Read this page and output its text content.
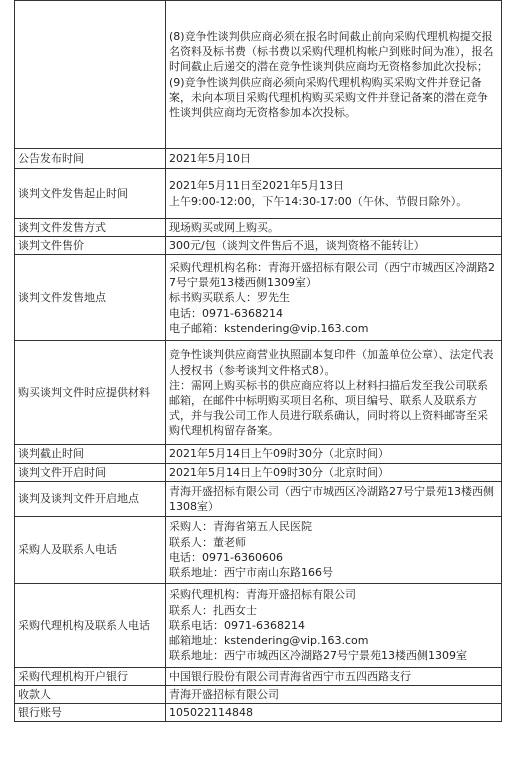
	(8)竞争性谈判供应商必须在报名时间截止前向采购代理机构提交报名资料及标书费（标书费以采购代理机构帐户到账时间为准），报名时间截止后递交的潜在竞争性谈判供应商均无资格参加此次投标；
(9)竞争性谈判供应商必须向采购代理机构购买采购文件并登记备案，未向本项目采购代理机构购买采购文件并登记备案的潜在竞争性谈判供应商均无资格参加本次投标。

公告发布时间	2021年5月10日

谈判文件发售起止时间	2021年5月11日至2021年5月13日
上午9:00-12:00，下午14:30-17:00（午休、节假日除外）。

谈判文件发售方式	现场购买或网上购买。

谈判文件售价	300元/包（谈判文件售后不退，谈判资格不能转让）

谈判文件发售地点	采购代理机构名称：青海开盛招标有限公司（西宁市城西区冷湖路27号宁景苑13楼西侧1309室）
标书购买联系人：罗先生
电话：0971-6368214
电子邮箱：kstendering@vip.163.com

购买谈判文件时应提供材料	竞争性谈判供应商营业执照副本复印件（加盖单位公章）、法定代表人授权书（参考谈判文件格式8）。
注：需网上购买标书的供应商应将以上材料扫描后发至我公司联系邮箱，在邮件中标明购买项目名称、项目编号、联系人及联系方式，并与我公司工作人员进行联系确认，同时将以上资料邮寄至采购代理机构留存备案。

谈判截止时间	2021年5月14日上午09时30分（北京时间）

谈判文件开启时间	2021年5月14日上午09时30分（北京时间）

谈判及谈判文件开启地点	青海开盛招标有限公司（西宁市城西区冷湖路27号宁景苑13楼西侧1308室）

采购人及联系人电话	采购人：青海省第五人民医院
联系人：董老师
电话：0971-6360606
联系地址：西宁市南山东路166号

采购代理机构及联系人电话	采购代理机构：青海开盛招标有限公司
联系人：扎西女士
联系电话：0971-6368214
邮箱地址：kstendering@vip.163.com
联系地址：西宁市城西区冷湖路27号宁景苑13楼西侧1309室

采购代理机构开户银行	中国银行股份有限公司青海省西宁市五四西路支行

收款人	青海开盛招标有限公司

银行账号	105022114848
